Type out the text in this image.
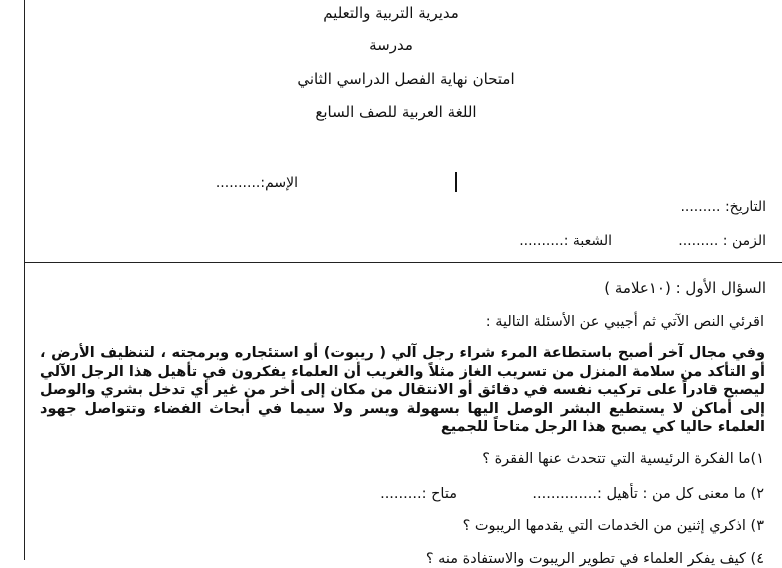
مديرية التربية والتعليم
مدرسة
امتحان نهاية الفصل الدراسي الثاني
اللغة العربية للصف السابع
الإسم:..........
التاريخ: .........
الزمن : .........
الشعبة :..........
السؤال الأول : (١٠علامة )
اقرئي النص الآتي ثم أجيبي عن الأسئلة التالية :
وفي مجال آخر أصبح باستطاعة المرء شراء رجل آلي ( ريبوت) أو استئجاره وبرمجته ، لتنظيف الأرض ، أو التأكد من سلامة المنزل من تسريب الغاز مثلاً والغريب أن العلماء يفكرون في تأهيل هذا الرجل الآلي ليصبح قادراً على تركيب نفسه في دقائق أو الانتقال من مكان إلى أخر من غير أي تدخل بشري والوصل إلى أماكن لا يستطيع البشر الوصل اليها بسهولة ويسر ولا سيما في أبحاث الفضاء وتتواصل جهود العلماء حاليا كي يصبح هذا الرجل متاحاً للجميع
١)ما الفكرة الرئيسية التي تتحدث عنها الفقرة ؟
٢) ما معنى كل من : تأهيل :..............
متاح :.........
٣) اذكري إثنين من الخدمات التي يقدمها الريبوت ؟
٤) كيف يفكر العلماء في تطوير الريبوت والاستفادة منه ؟
